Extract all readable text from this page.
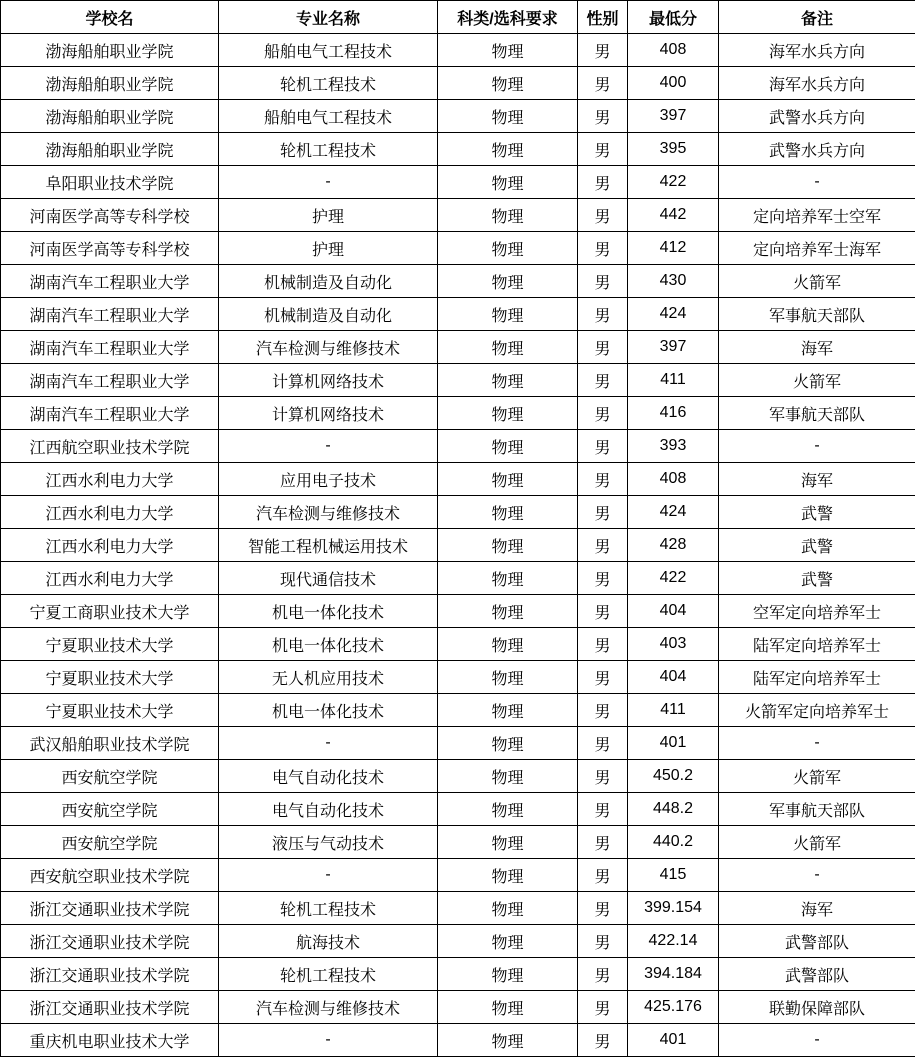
学校名	专业名称	科类/选科要求	性别	最低分	备注
渤海船舶职业学院	船舶电气工程技术	物理	男	408	海军水兵方向
渤海船舶职业学院	轮机工程技术	物理	男	400	海军水兵方向
渤海船舶职业学院	船舶电气工程技术	物理	男	397	武警水兵方向
渤海船舶职业学院	轮机工程技术	物理	男	395	武警水兵方向
阜阳职业技术学院	-	物理	男	422	-
河南医学高等专科学校	护理	物理	男	442	定向培养军士空军
河南医学高等专科学校	护理	物理	男	412	定向培养军士海军
湖南汽车工程职业大学	机械制造及自动化	物理	男	430	火箭军
湖南汽车工程职业大学	机械制造及自动化	物理	男	424	军事航天部队
湖南汽车工程职业大学	汽车检测与维修技术	物理	男	397	海军
湖南汽车工程职业大学	计算机网络技术	物理	男	411	火箭军
湖南汽车工程职业大学	计算机网络技术	物理	男	416	军事航天部队
江西航空职业技术学院	-	物理	男	393	-
江西水利电力大学	应用电子技术	物理	男	408	海军
江西水利电力大学	汽车检测与维修技术	物理	男	424	武警
江西水利电力大学	智能工程机械运用技术	物理	男	428	武警
江西水利电力大学	现代通信技术	物理	男	422	武警
宁夏工商职业技术大学	机电一体化技术	物理	男	404	空军定向培养军士
宁夏职业技术大学	机电一体化技术	物理	男	403	陆军定向培养军士
宁夏职业技术大学	无人机应用技术	物理	男	404	陆军定向培养军士
宁夏职业技术大学	机电一体化技术	物理	男	411	火箭军定向培养军士
武汉船舶职业技术学院	-	物理	男	401	-
西安航空学院	电气自动化技术	物理	男	450.2	火箭军
西安航空学院	电气自动化技术	物理	男	448.2	军事航天部队
西安航空学院	液压与气动技术	物理	男	440.2	火箭军
西安航空职业技术学院	-	物理	男	415	-
浙江交通职业技术学院	轮机工程技术	物理	男	399.154	海军
浙江交通职业技术学院	航海技术	物理	男	422.14	武警部队
浙江交通职业技术学院	轮机工程技术	物理	男	394.184	武警部队
浙江交通职业技术学院	汽车检测与维修技术	物理	男	425.176	联勤保障部队
重庆机电职业技术大学	-	物理	男	401	-
